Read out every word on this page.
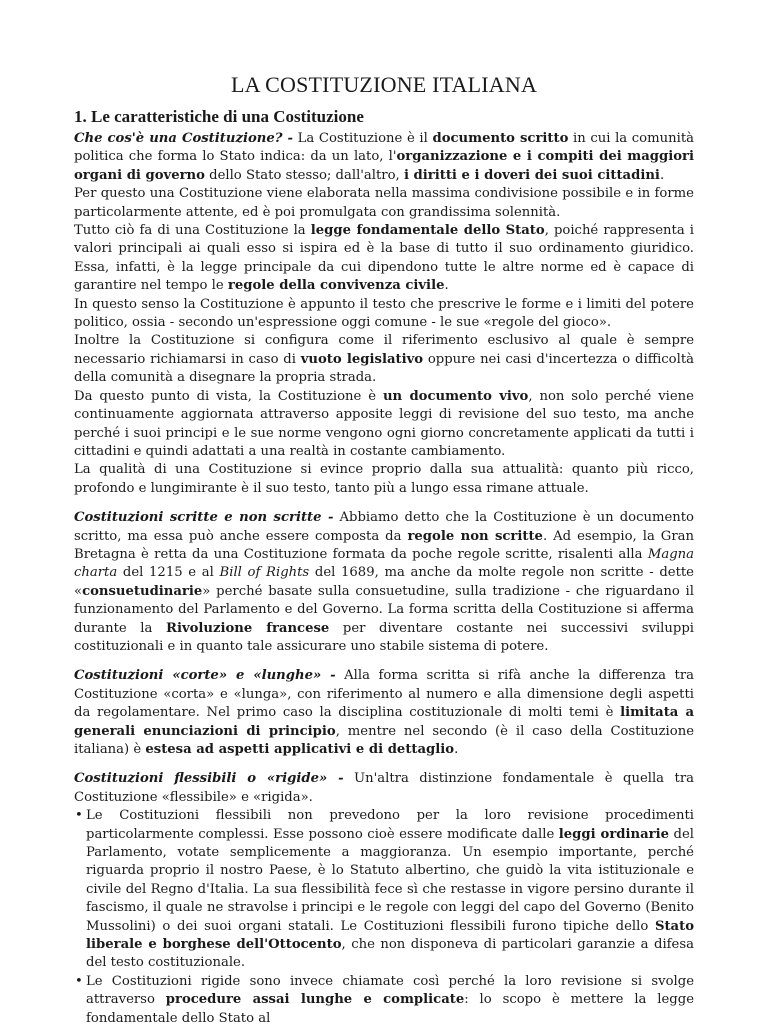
LA COSTITUZIONE ITALIANA
1. Le caratteristiche di una Costituzione

Che cos'è una Costituzione? - La Costituzione è il documento scritto in cui la comunità politica che forma lo Stato indica: da un lato, l'organizzazione e i compiti dei maggiori organi di governo dello Stato stesso; dall'altro, i diritti e i doveri dei suoi cittadini.

Per questo una Costituzione viene elaborata nella massima condivisione possibile e in forme particolarmente attente, ed è poi promulgata con grandissima solennità.

Tutto ciò fa di una Costituzione la legge fondamentale dello Stato, poiché rappresenta i valori principali ai quali esso si ispira ed è la base di tutto il suo ordinamento giuridico. Essa, infatti, è la legge principale da cui dipendono tutte le altre norme ed è capace di garantire nel tempo le regole della convivenza civile.

In questo senso la Costituzione è appunto il testo che prescrive le forme e i limiti del potere politico, ossia - secondo un'espressione oggi comune - le sue «regole del gioco».

Inoltre la Costituzione si configura come il riferimento esclusivo al quale è sempre necessario richiamarsi in caso di vuoto legislativo oppure nei casi d'incertezza o difficoltà della comunità a disegnare la propria strada.

Da questo punto di vista, la Costituzione è un documento vivo, non solo perché viene continuamente aggiornata attraverso apposite leggi di revisione del suo testo, ma anche perché i suoi principi e le sue norme vengono ogni giorno concretamente applicati da tutti i cittadini e quindi adattati a una realtà in costante cambiamento.

La qualità di una Costituzione si evince proprio dalla sua attualità: quanto più ricco, profondo e lungimirante è il suo testo, tanto più a lungo essa rimane attuale.

Costituzioni scritte e non scritte - Abbiamo detto che la Costituzione è un documento scritto, ma essa può anche essere composta da regole non scritte. Ad esempio, la Gran Bretagna è retta da una Costituzione formata da poche regole scritte, risalenti alla Magna charta del 1215 e al Bill of Rights del 1689, ma anche da molte regole non scritte - dette «consuetudinarie» perché basate sulla consuetudine, sulla tradizione - che riguardano il funzionamento del Parlamento e del Governo. La forma scritta della Costituzione si afferma durante la Rivoluzione francese per diventare costante nei successivi sviluppi costituzionali e in quanto tale assicurare uno stabile sistema di potere.

Costituzioni «corte» e «lunghe» - Alla forma scritta si rifà anche la differenza tra Costituzione «corta» e «lunga», con riferimento al numero e alla dimensione degli aspetti da regolamentare. Nel primo caso la disciplina costituzionale di molti temi è limitata a generali enunciazioni di principio, mentre nel secondo (è il caso della Costituzione italiana) è estesa ad aspetti applicativi e di dettaglio.

Costituzioni flessibili o «rigide» - Un'altra distinzione fondamentale è quella tra Costituzione «flessibile» e «rigida».

• Le Costituzioni flessibili non prevedono per la loro revisione procedimenti particolarmente complessi. Esse possono cioè essere modificate dalle leggi ordinarie del Parlamento, votate semplicemente a maggioranza. Un esempio importante, perché riguarda proprio il nostro Paese, è lo Statuto albertino, che guidò la vita istituzionale e civile del Regno d'Italia. La sua flessibilità fece sì che restasse in vigore persino durante il fascismo, il quale ne stravolse i principi e le regole con leggi del capo del Governo (Benito Mussolini) o dei suoi organi statali. Le Costituzioni flessibili furono tipiche dello Stato liberale e borghese dell'Ottocento, che non disponeva di particolari garanzie a difesa del testo costituzionale.
• Le Costituzioni rigide sono invece chiamate così perché la loro revisione si svolge attraverso procedure assai lunghe e complicate: lo scopo è mettere la legge fondamentale dello Stato al
